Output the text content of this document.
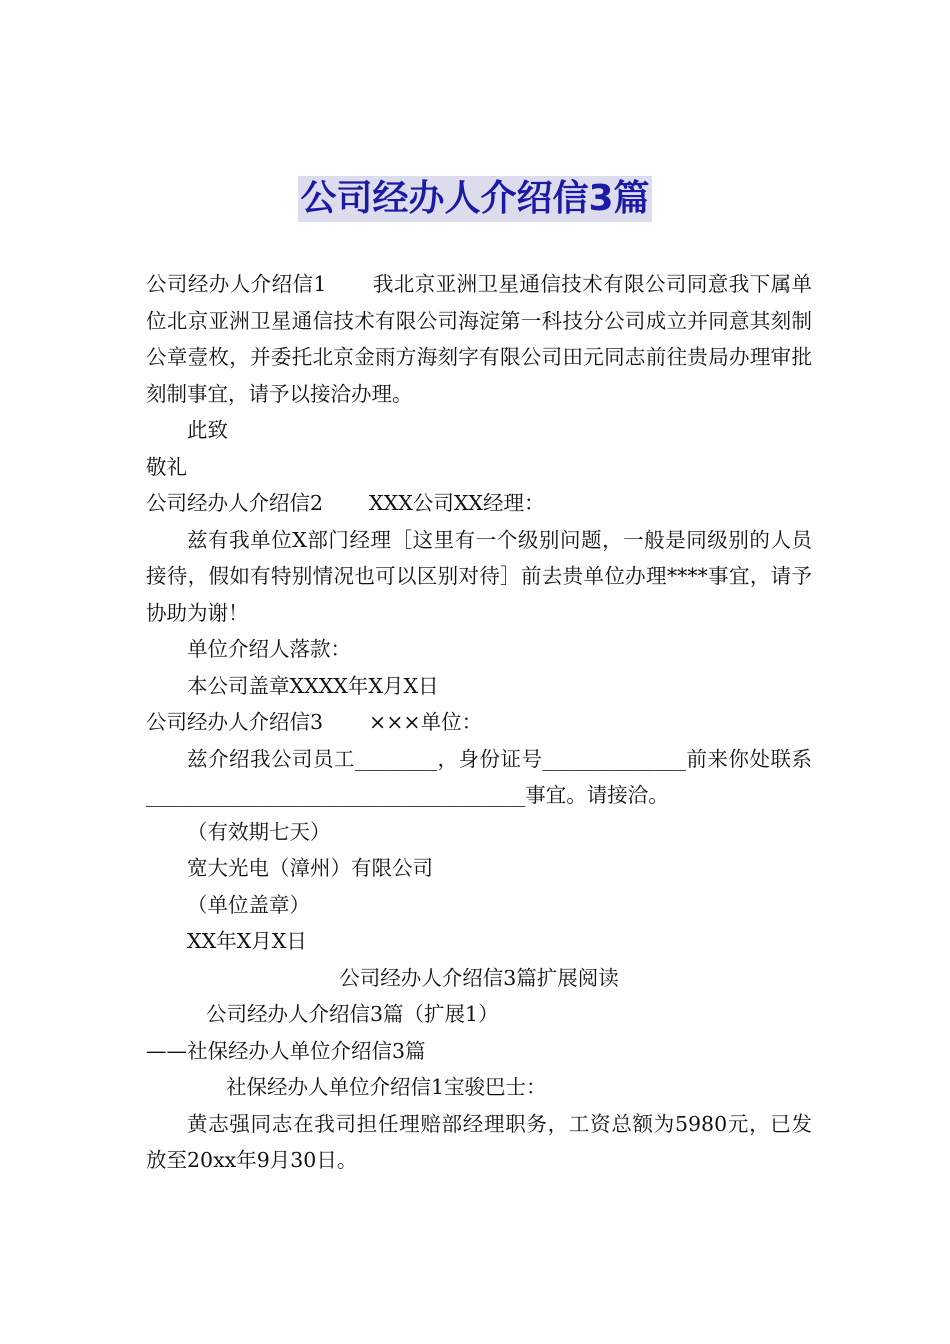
公司经办人介绍信3篇

公司经办人介绍信1 我北京亚洲卫星通信技术有限公司同意我下属单位北京亚洲卫星通信技术有限公司海淀第一科技分公司成立并同意其刻制公章壹枚，并委托北京金雨方海刻字有限公司田元同志前往贵局办理审批刻制事宜，请予以接洽办理。

此致

敬礼

公司经办人介绍信2 XXX公司XX经理：

兹有我单位X部门经理［这里有一个级别问题，一般是同级别的人员接待，假如有特别情况也可以区别对待］前去贵单位办理****事宜，请予协助为谢！

单位介绍人落款：

本公司盖章XXXX年X月X日

公司经办人介绍信3 ×××单位：

兹介绍我公司员工________，身份证号______________前来你处联系_____________________________________事宜。请接洽。

（有效期七天）

宽大光电（漳州）有限公司

（单位盖章）

XX年X月X日

公司经办人介绍信3篇扩展阅读

公司经办人介绍信3篇（扩展1）

——社保经办人单位介绍信3篇

社保经办人单位介绍信1宝骏巴士：

黄志强同志在我司担任理赔部经理职务，工资总额为5980元，已发放至20xx年9月30日。
